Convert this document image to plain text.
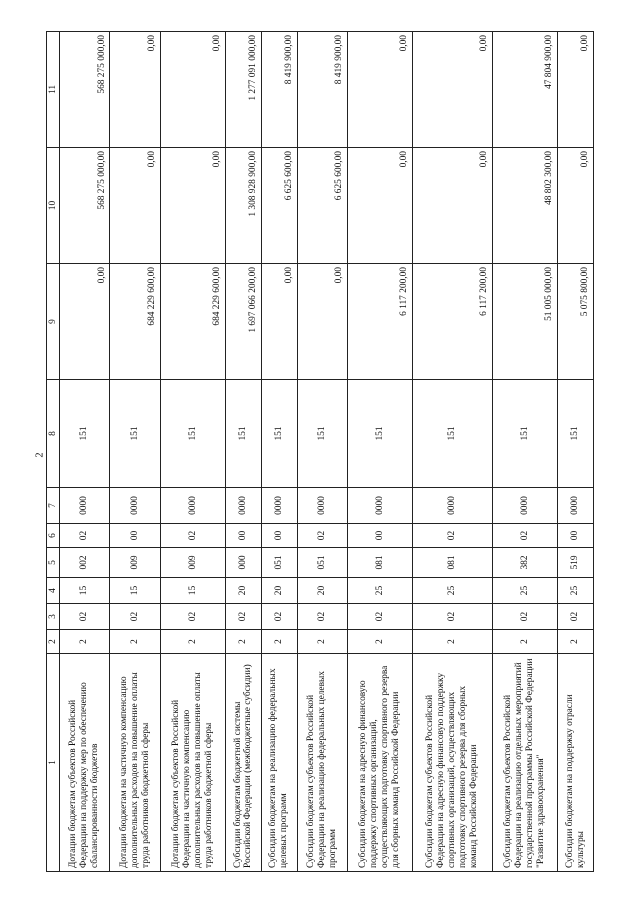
2
1	2	3	4	5	6	7	8	9	10	11
Дотации бюджетам субъектов Российской Федерации на поддержку мер по обеспечению сбалансированности бюджетов	2	02	15	002	02	0000	151	0,00	568 275 000,00	568 275 000,00
Дотации бюджетам на частичную компенсацию дополнительных расходов на повышение оплаты труда работников бюджетной сферы	2	02	15	009	00	0000	151	684 229 600,00	0,00	0,00
Дотации бюджетам субъектов Российской Федерации на частичную компенсацию дополнительных расходов на повышение оплаты труда работников бюджетной сферы	2	02	15	009	02	0000	151	684 229 600,00	0,00	0,00
Субсидии бюджетам бюджетной системы Российской Федерации (межбюджетные субсидии)	2	02	20	000	00	0000	151	1 697 066 200,00	1 308 928 900,00	1 277 091 000,00
Субсидии бюджетам на реализацию федеральных целевых программ	2	02	20	051	00	0000	151	0,00	6 625 600,00	8 419 900,00
Субсидии бюджетам субъектов Российской Федерации на реализацию федеральных целевых программ	2	02	20	051	02	0000	151	0,00	6 625 600,00	8 419 900,00
Субсидии бюджетам на адресную финансовую поддержку спортивных организаций, осуществляющих подготовку спортивного резерва для сборных команд Российской Федерации	2	02	25	081	00	0000	151	6 117 200,00	0,00	0,00
Субсидии бюджетам субъектов Российской Федерации на адресную финансовую поддержку спортивных организаций, осуществляющих подготовку спортивного резерва для сборных команд Российской Федерации	2	02	25	081	02	0000	151	6 117 200,00	0,00	0,00
Субсидии бюджетам субъектов Российской Федерации на реализацию отдельных мероприятий государственной программы Российской Федерации "Развитие здравоохранения"	2	02	25	382	02	0000	151	51 005 000,00	48 802 300,00	47 804 900,00
Субсидии бюджетам на поддержку отрасли культуры	2	02	25	519	00	0000	151	5 075 800,00	0,00	0,00
